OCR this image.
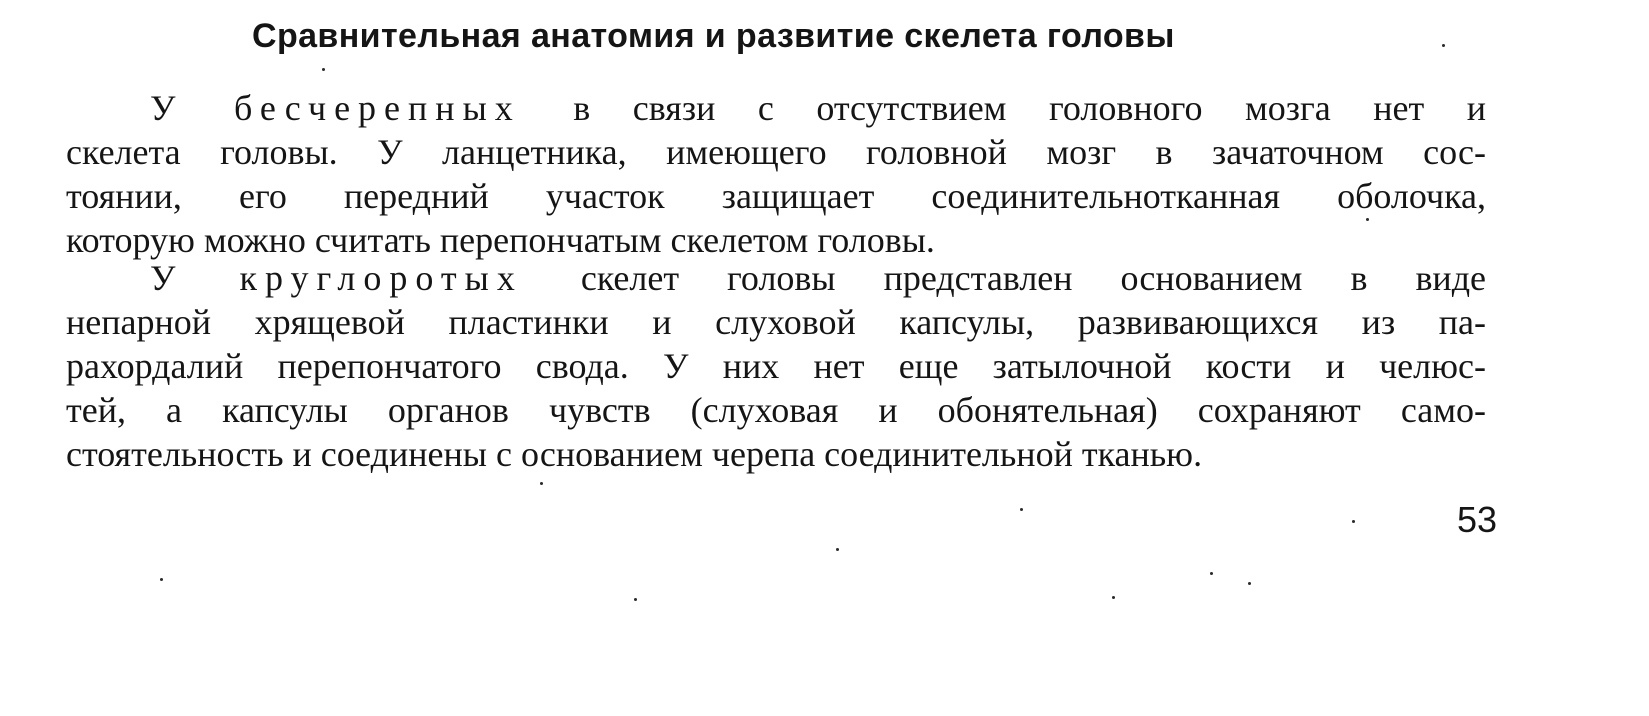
Сравнительная анатомия и развитие скелета головы
У бесчерепных в связи с отсутствием головного мозга нет и
скелета головы. У ланцетника, имеющего головной мозг в зачаточном сос-
тоянии, его передний участок защищает соединительнотканная оболочка,
которую можно считать перепончатым скелетом головы.
У круглоротых скелет головы представлен основанием в виде
непарной хрящевой пластинки и слуховой капсулы, развивающихся из па-
рахордалий перепончатого свода. У них нет еще затылочной кости и челюс-
тей, а капсулы органов чувств (слуховая и обонятельная) сохраняют само-
стоятельность и соединены с основанием черепа соединительной тканью.
53
